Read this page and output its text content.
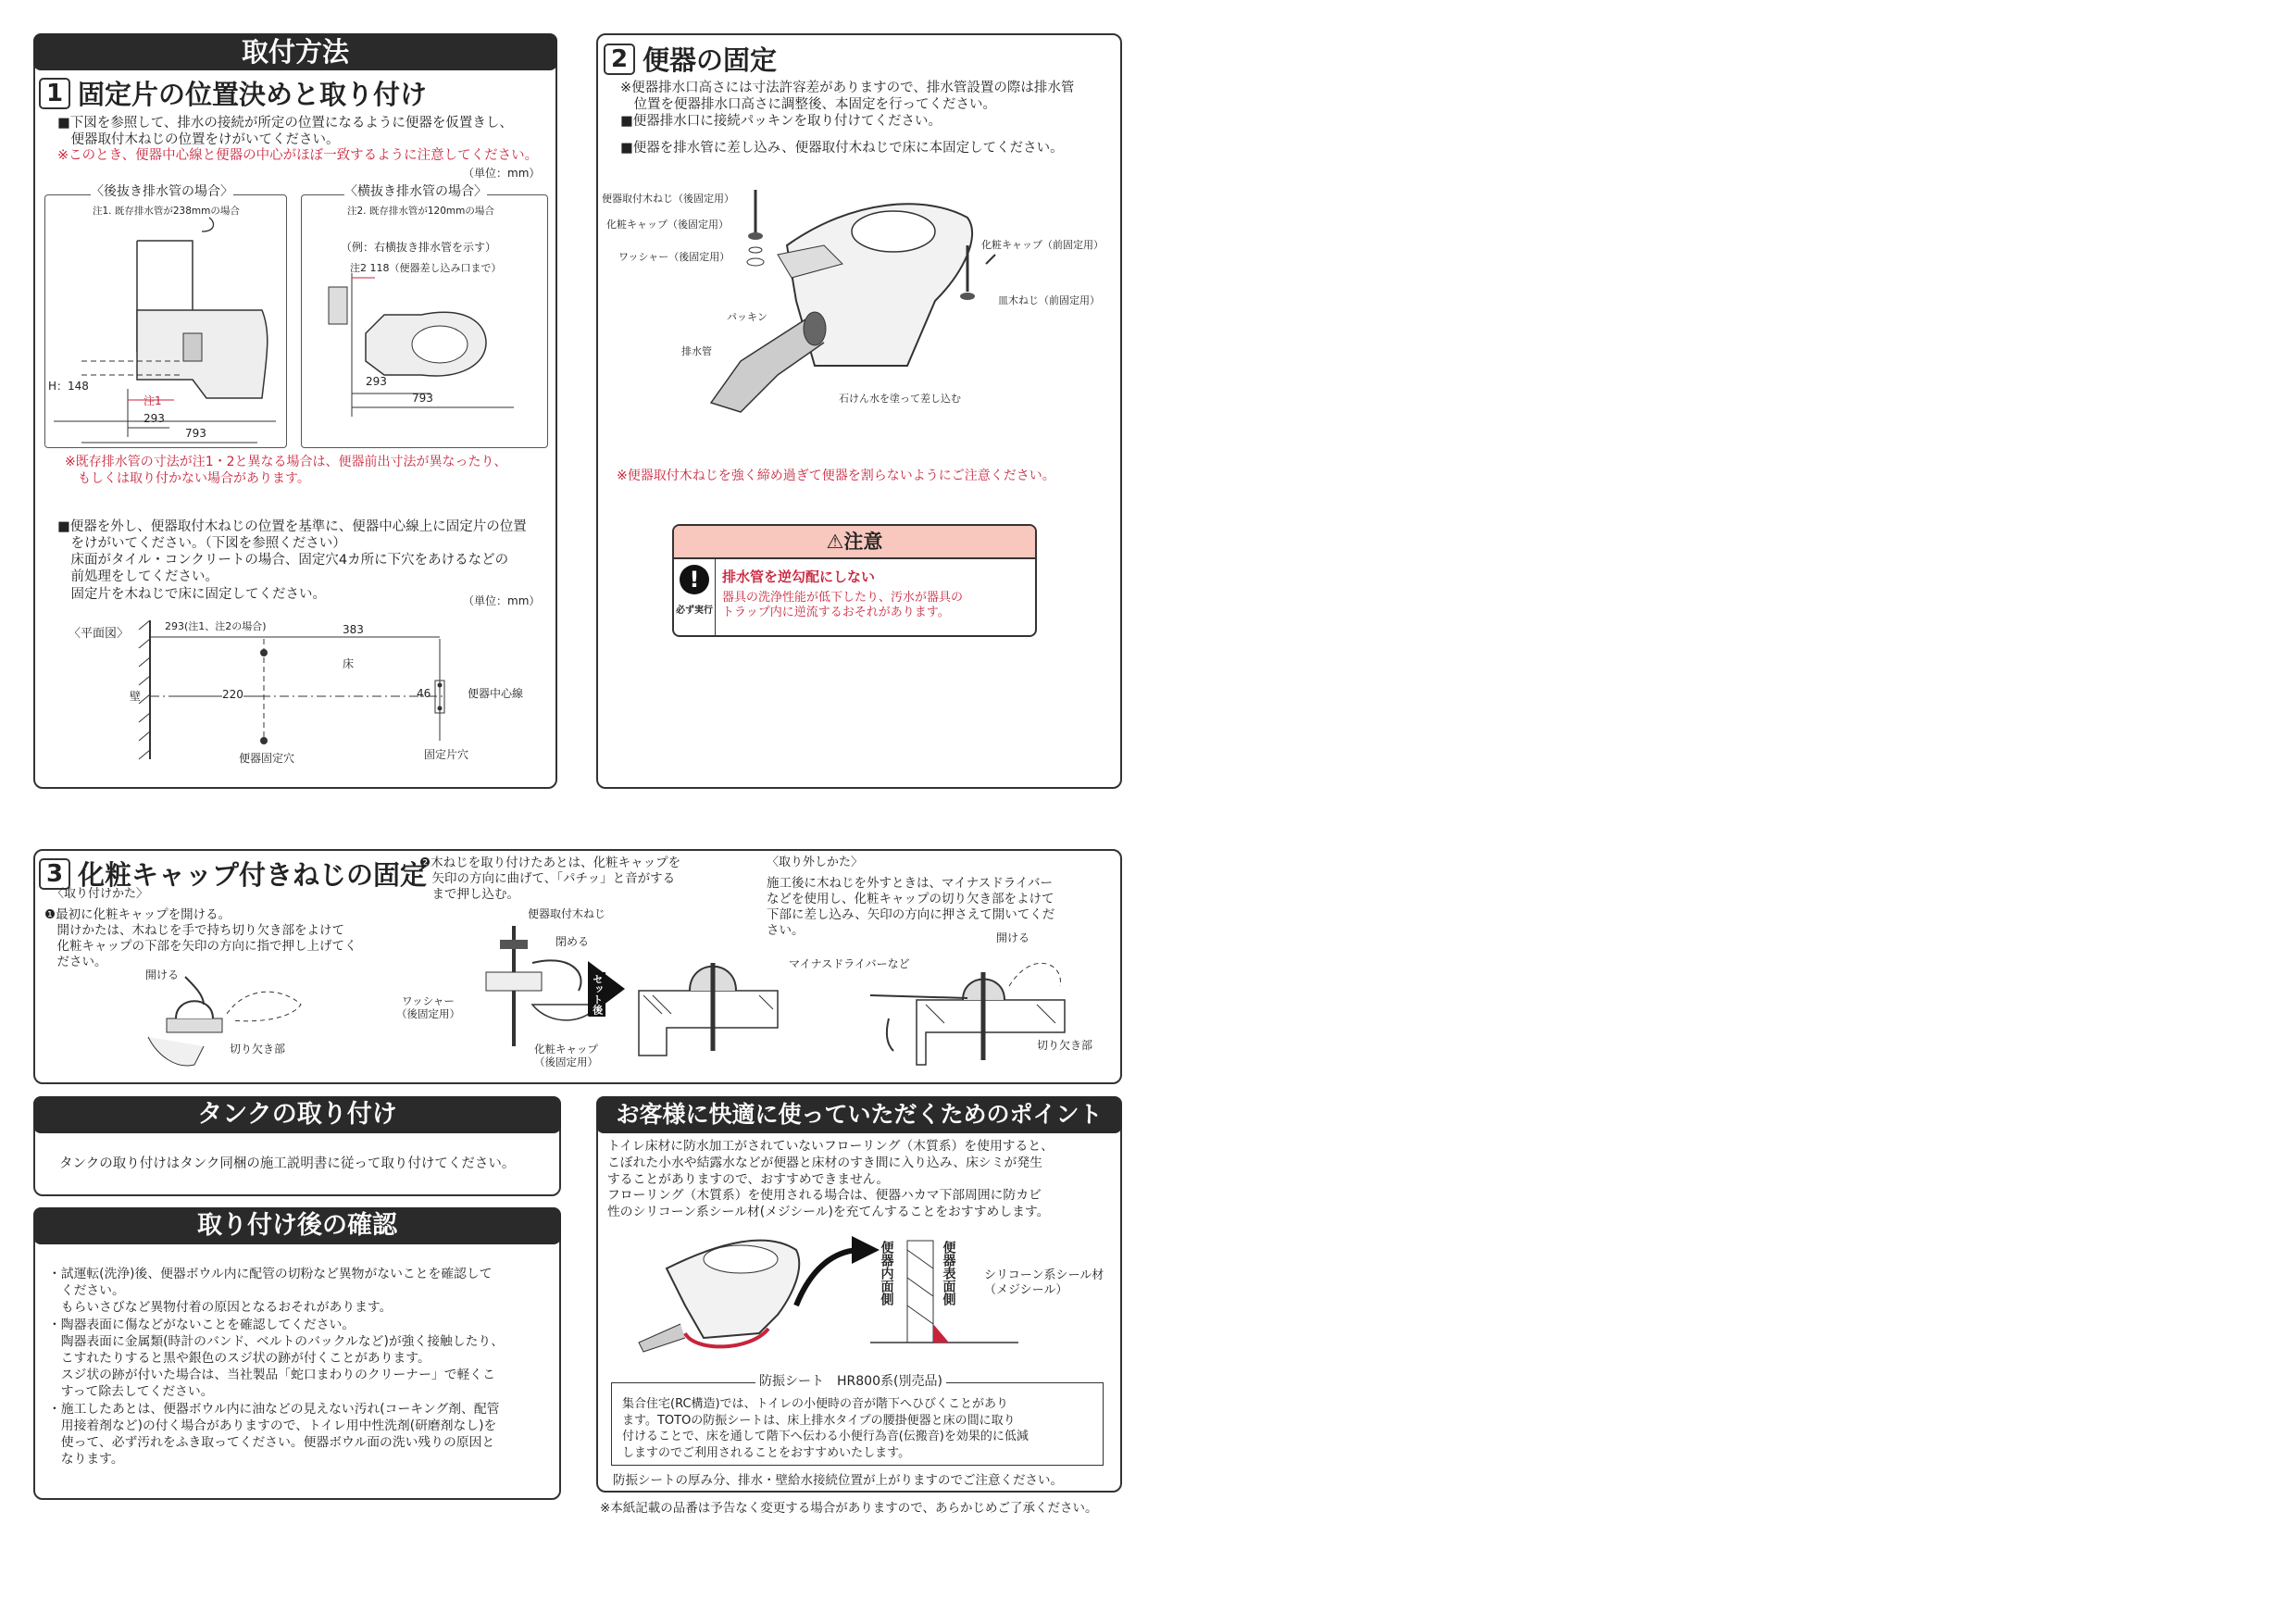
取付方法
1 固定片の位置決めと取り付け
■下図を参照して、排水の接続が所定の位置になるように便器を仮置きし、
　便器取付木ねじの位置をけがいてください。
※このとき、便器中心線と便器の中心がほぼ一致するように注意してください。
（単位：mm）
〈後抜き排水管の場合〉
注1. 既存排水管が238mmの場合
H：148
注1
293
793
〈横抜き排水管の場合〉
注2. 既存排水管が120mmの場合
（例：右横抜き排水管を示す）
注2 118（便器差し込み口まで）
293
793
※既存排水管の寸法が注1・2と異なる場合は、便器前出寸法が異なったり、
　もしくは取り付かない場合があります。
■便器を外し、便器取付木ねじの位置を基準に、便器中心線上に固定片の位置
　をけがいてください。（下図を参照ください）
　床面がタイル・コンクリートの場合、固定穴4カ所に下穴をあけるなどの
　前処理をしてください。
　固定片を木ねじで床に固定してください。	（単位：mm）
〈平面図〉
293(注1、注2の場合)	383
床
壁	220	46	便器中心線
便器固定穴	固定片穴
2 便器の固定
※便器排水口高さには寸法許容差がありますので、排水管設置の際は排水管
　位置を便器排水口高さに調整後、本固定を行ってください。
■便器排水口に接続パッキンを取り付けてください。
■便器を排水管に差し込み、便器取付木ねじで床に本固定してください。
便器取付木ねじ（後固定用）
化粧キャップ（後固定用）
ワッシャー（後固定用）
パッキン
排水管
石けん水を塗って差し込む
化粧キャップ（前固定用）
皿木ねじ（前固定用）
※便器取付木ねじを強く締め過ぎて便器を割らないようにご注意ください。
⚠注意
!
必ず実行
排水管を逆勾配にしない
器具の洗浄性能が低下したり、汚水が器具の
トラップ内に逆流するおそれがあります。
3 化粧キャップ付きねじの固定
〈取り付けかた〉
❶最初に化粧キャップを開ける。
　開けかたは、木ねじを手で持ち切り欠き部をよけて
　化粧キャップの下部を矢印の方向に指で押し上げてく
　ださい。
開ける
切り欠き部
❷木ねじを取り付けたあとは、化粧キャップを
　矢印の方向に曲げて、「パチッ」と音がする
　まで押し込む。
便器取付木ねじ
閉める
ワッシャー
（後固定用）
化粧キャップ
（後固定用）
セット後
〈取り外しかた〉
施工後に木ねじを外すときは、マイナスドライバー
などを使用し、化粧キャップの切り欠き部をよけて
下部に差し込み、矢印の方向に押さえて開いてくだ
さい。
マイナスドライバーなど
開ける
切り欠き部
タンクの取り付け
タンクの取り付けはタンク同梱の施工説明書に従って取り付けてください。
取り付け後の確認
・試運転(洗浄)後、便器ボウル内に配管の切粉など異物がないことを確認して
　ください。
　もらいさびなど異物付着の原因となるおそれがあります。
・陶器表面に傷などがないことを確認してください。
　陶器表面に金属類(時計のバンド、ベルトのバックルなど)が強く接触したり、
　こすれたりすると黒や銀色のスジ状の跡が付くことがあります。
　スジ状の跡が付いた場合は、当社製品「蛇口まわりのクリーナー」で軽くこ
　すって除去してください。
・施工したあとは、便器ボウル内に油などの見えない汚れ(コーキング剤、配管
　用接着剤など)の付く場合がありますので、トイレ用中性洗剤(研磨剤なし)を
　使って、必ず汚れをふき取ってください。便器ボウル面の洗い残りの原因と
　なります。
お客様に快適に使っていただくためのポイント
トイレ床材に防水加工がされていないフローリング（木質系）を使用すると、
こぼれた小水や結露水などが便器と床材のすき間に入り込み、床シミが発生
することがありますので、おすすめできません。
フローリング（木質系）を使用される場合は、便器ハカマ下部周囲に防カビ
性のシリコーン系シール材(メジシール)を充てんすることをおすすめします。
便器内面側	便器表面側 シリコーン系シール材
（メジシール）
防振シート　HR800系(別売品)
集合住宅(RC構造)では、トイレの小便時の音が階下へひびくことがあり
ます。TOTOの防振シートは、床上排水タイプの腰掛便器と床の間に取り
付けることで、床を通して階下へ伝わる小便行為音(伝搬音)を効果的に低減
しますのでご利用されることをおすすめいたします。
防振シートの厚み分、排水・壁給水接続位置が上がりますのでご注意ください。
※本紙記載の品番は予告なく変更する場合がありますので、あらかじめご了承ください。
